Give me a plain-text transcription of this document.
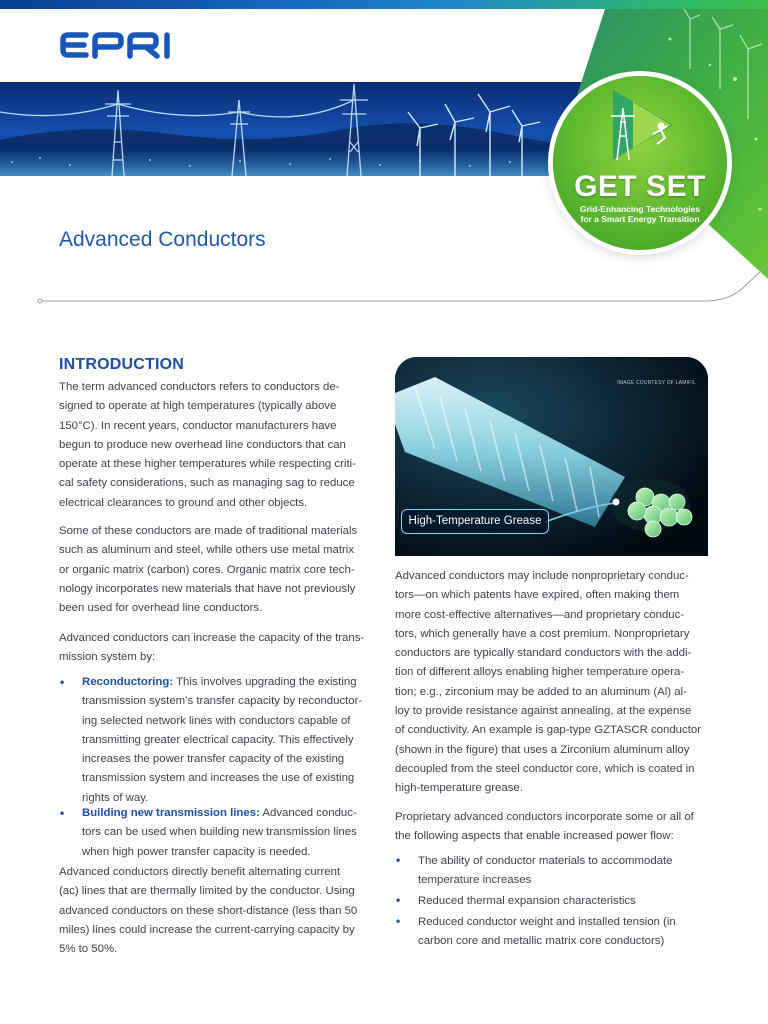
GET SET
Grid-Enhancing Technologies
for a Smart Energy Transition
Advanced Conductors
INTRODUCTION
The term advanced conductors refers to conductors de-
signed to operate at high temperatures (typically above
150°C). In recent years, conductor manufacturers have
begun to produce new overhead line conductors that can
operate at these higher temperatures while respecting criti-
cal safety considerations, such as managing sag to reduce
electrical clearances to ground and other objects.
Some of these conductors are made of traditional materials
such as aluminum and steel, while others use metal matrix
or organic matrix (carbon) cores. Organic matrix core tech-
nology incorporates new materials that have not previously
been used for overhead line conductors.
Advanced conductors can increase the capacity of the trans-
mission system by:
• Reconductoring: This involves upgrading the existing
transmission system’s transfer capacity by reconductor-
ing selected network lines with conductors capable of
transmitting greater electrical capacity. This effectively
increases the power transfer capacity of the existing
transmission system and increases the use of existing
rights of way.
• Building new transmission lines: Advanced conduc-
tors can be used when building new transmission lines
when high power transfer capacity is needed.
Advanced conductors directly benefit alternating current
(ac) lines that are thermally limited by the conductor. Using
advanced conductors on these short-distance (less than 50
miles) lines could increase the current-carrying capacity by
5% to 50%.
IMAGE COURTESY OF LAMIFIL
High-Temperature Grease
Advanced conductors may include nonproprietary conduc-
tors—on which patents have expired, often making them
more cost-effective alternatives—and proprietary conduc-
tors, which generally have a cost premium. Nonproprietary
conductors are typically standard conductors with the addi-
tion of different alloys enabling higher temperature opera-
tion; e.g., zirconium may be added to an aluminum (Al) al-
loy to provide resistance against annealing, at the expense
of conductivity. An example is gap-type GZTASCR conductor
(shown in the figure) that uses a Zirconium aluminum alloy
decoupled from the steel conductor core, which is coated in
high-temperature grease.
Proprietary advanced conductors incorporate some or all of
the following aspects that enable increased power flow:
• The ability of conductor materials to accommodate
temperature increases
• Reduced thermal expansion characteristics
• Reduced conductor weight and installed tension (in
carbon core and metallic matrix core conductors)
